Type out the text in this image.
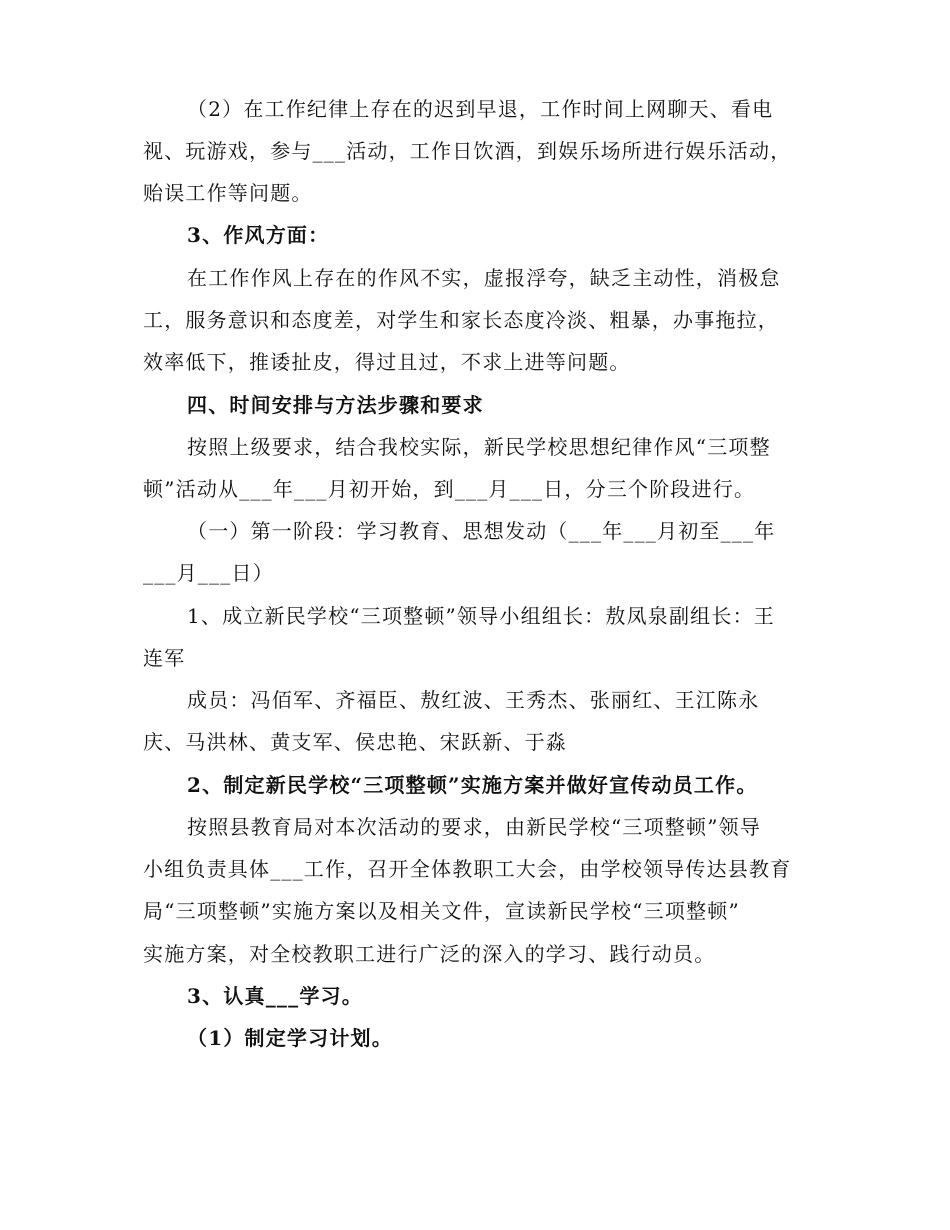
（2）在工作纪律上存在的迟到早退，工作时间上网聊天、看电
视、玩游戏，参与___活动，工作日饮酒，到娱乐场所进行娱乐活动，
贻误工作等问题。
3、作风方面：
在工作作风上存在的作风不实，虚报浮夸，缺乏主动性，消极怠
工，服务意识和态度差，对学生和家长态度冷淡、粗暴，办事拖拉，
效率低下，推诿扯皮，得过且过，不求上进等问题。
四、时间安排与方法步骤和要求
按照上级要求，结合我校实际，新民学校思想纪律作风“三项整
顿”活动从___年___月初开始，到___月___日，分三个阶段进行。
（一）第一阶段：学习教育、思想发动（___年___月初至___年
___月___日）
1、成立新民学校“三项整顿”领导小组组长：敖凤泉副组长：王
连军
成员：冯佰军、齐福臣、敖红波、王秀杰、张丽红、王江陈永
庆、马洪林、黄支军、侯忠艳、宋跃新、于淼
2、制定新民学校“三项整顿”实施方案并做好宣传动员工作。
按照县教育局对本次活动的要求，由新民学校“三项整顿”领导
小组负责具体___工作，召开全体教职工大会，由学校领导传达县教育
局“三项整顿”实施方案以及相关文件，宣读新民学校“三项整顿”
实施方案，对全校教职工进行广泛的深入的学习、践行动员。
3、认真___学习。
（1）制定学习计划。
